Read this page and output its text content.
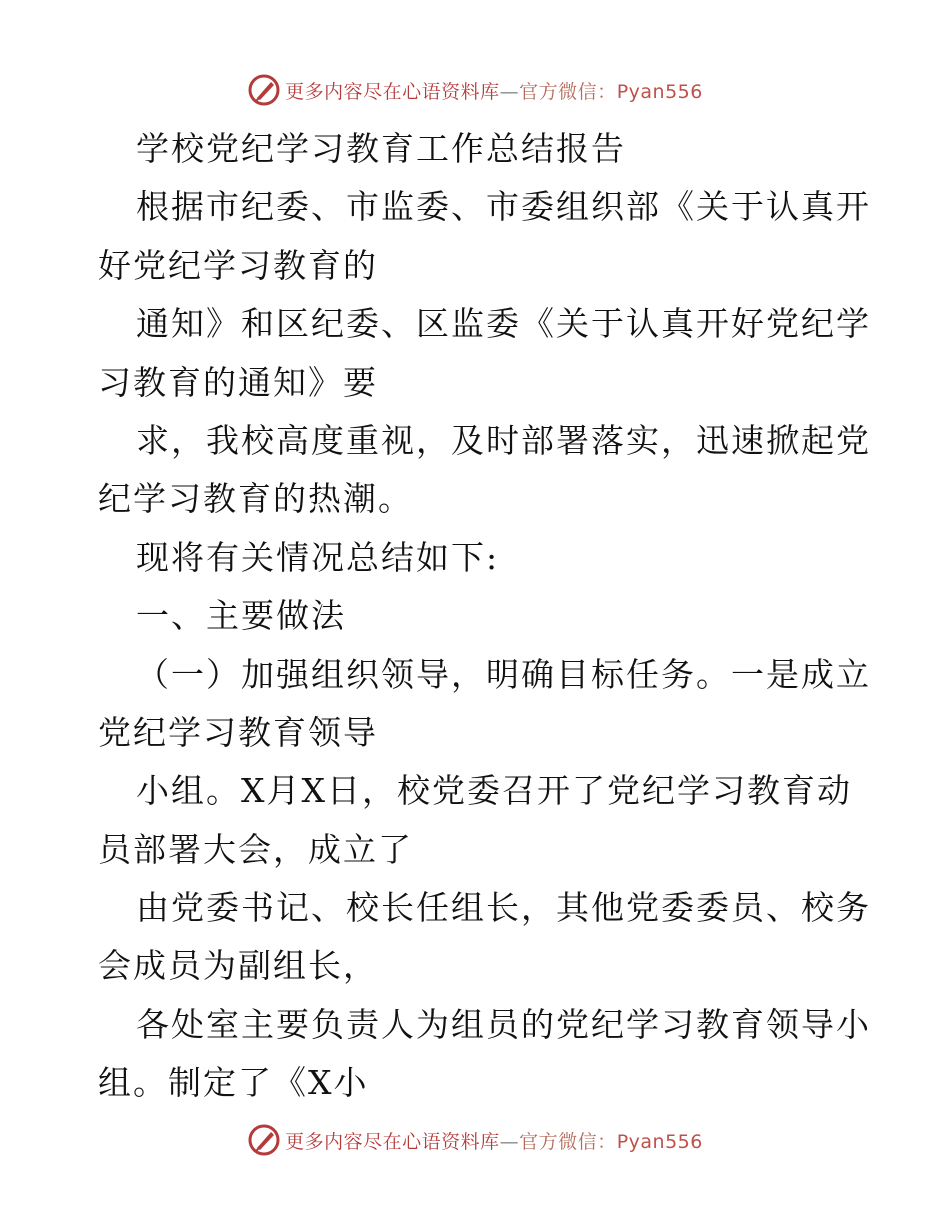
更多内容尽在心语资料库—官方微信：Pyan556
学校党纪学习教育工作总结报告
根据市纪委、市监委、市委组织部《关于认真开
好党纪学习教育的
通知》和区纪委、区监委《关于认真开好党纪学
习教育的通知》要
求，我校高度重视，及时部署落实，迅速掀起党
纪学习教育的热潮。
现将有关情况总结如下:
一、主要做法
（一）加强组织领导，明确目标任务。一是成立
党纪学习教育领导
小组。X月X日，校党委召开了党纪学习教育动
员部署大会，成立了
由党委书记、校长任组长，其他党委委员、校务
会成员为副组长，
各处室主要负责人为组员的党纪学习教育领导小
组。制定了《X小
更多内容尽在心语资料库—官方微信：Pyan556
